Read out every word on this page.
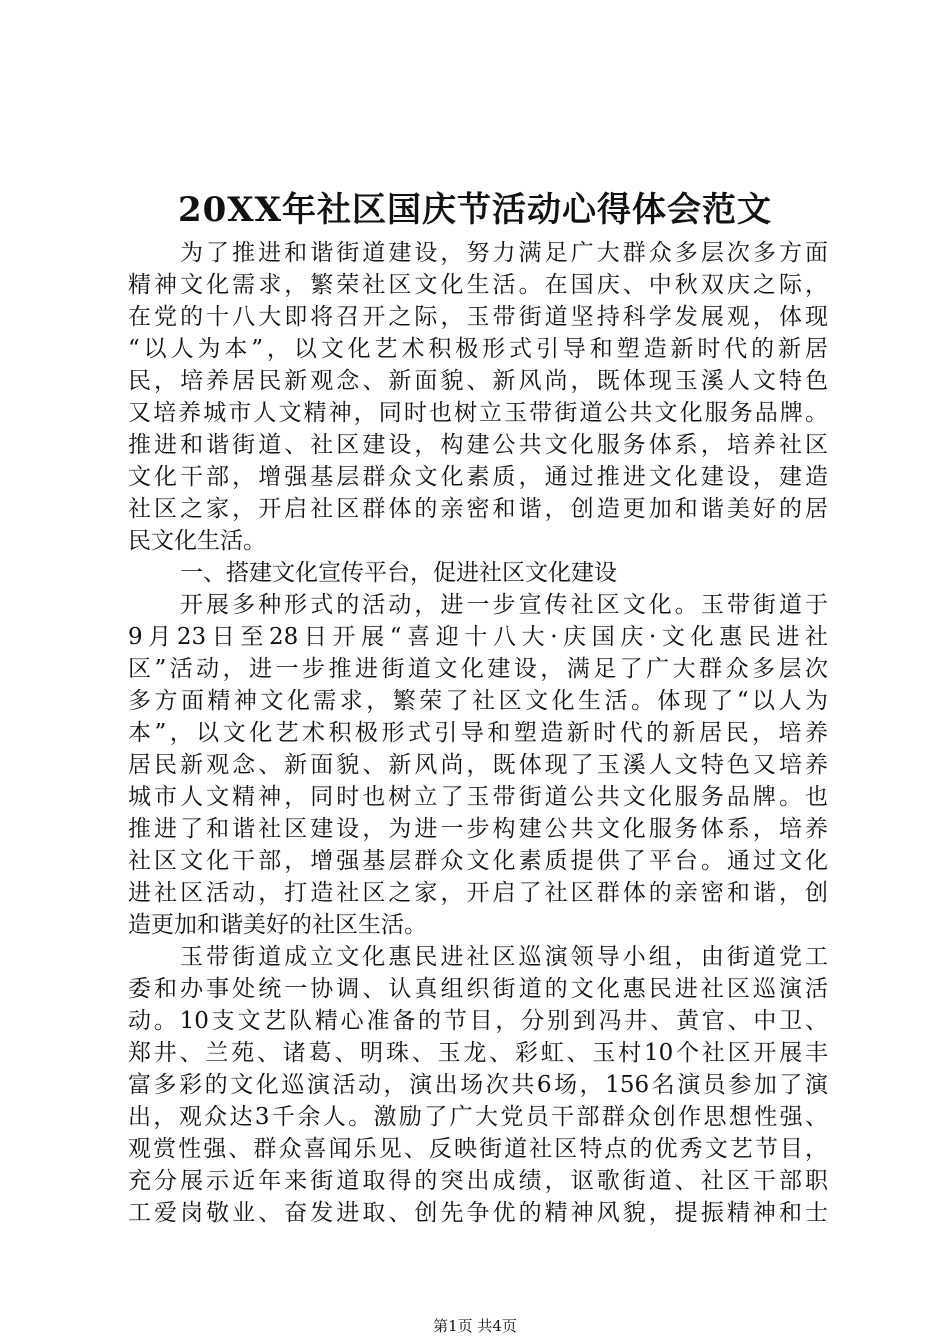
20XX年社区国庆节活动心得体会范文
为了推进和谐街道建设，努力满足广大群众多层次多方面
精神文化需求，繁荣社区文化生活。在国庆、中秋双庆之际，
在党的十八大即将召开之际，玉带街道坚持科学发展观，体现
“以人为本”，以文化艺术积极形式引导和塑造新时代的新居
民，培养居民新观念、新面貌、新风尚，既体现玉溪人文特色
又培养城市人文精神，同时也树立玉带街道公共文化服务品牌。
推进和谐街道、社区建设，构建公共文化服务体系，培养社区
文化干部，增强基层群众文化素质，通过推进文化建设，建造
社区之家，开启社区群体的亲密和谐，创造更加和谐美好的居
民文化生活。
一、搭建文化宣传平台，促进社区文化建设
开展多种形式的活动，进一步宣传社区文化。玉带街道于
9月23日至28日开展“喜迎十八大·庆国庆·文化惠民进社
区”活动，进一步推进街道文化建设，满足了广大群众多层次
多方面精神文化需求，繁荣了社区文化生活。体现了“以人为
本”，以文化艺术积极形式引导和塑造新时代的新居民，培养
居民新观念、新面貌、新风尚，既体现了玉溪人文特色又培养
城市人文精神，同时也树立了玉带街道公共文化服务品牌。也
推进了和谐社区建设，为进一步构建公共文化服务体系，培养
社区文化干部，增强基层群众文化素质提供了平台。通过文化
进社区活动，打造社区之家，开启了社区群体的亲密和谐，创
造更加和谐美好的社区生活。
玉带街道成立文化惠民进社区巡演领导小组，由街道党工
委和办事处统一协调、认真组织街道的文化惠民进社区巡演活
动。10支文艺队精心准备的节目，分别到冯井、黄官、中卫、
郑井、兰苑、诸葛、明珠、玉龙、彩虹、玉村10个社区开展丰
富多彩的文化巡演活动，演出场次共6场，156名演员参加了演
出，观众达3千余人。激励了广大党员干部群众创作思想性强、
观赏性强、群众喜闻乐见、反映街道社区特点的优秀文艺节目，
充分展示近年来街道取得的突出成绩，讴歌街道、社区干部职
工爱岗敬业、奋发进取、创先争优的精神风貌，提振精神和士
第1页 共4页
